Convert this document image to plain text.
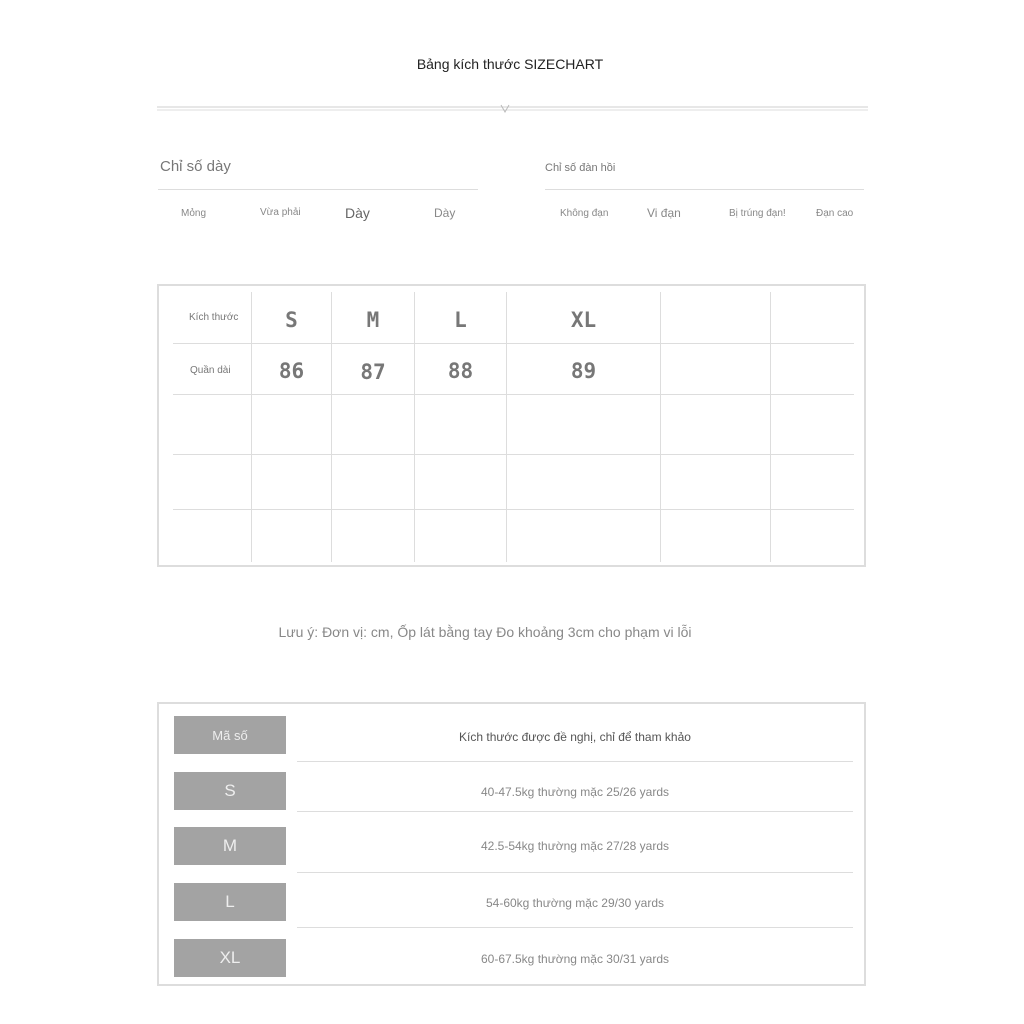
Bảng kích thước SIZECHART
Chỉ số dày
Mỏng	Vừa phải	Dày	Dày
Chỉ số đàn hồi
Không đạn	Vi đạn	Bị trúng đạn!	Đạn cao
Kích thước	S	M	L	XL
Quần dài	86	87	88	89
Lưu ý: Đơn vị: cm, Ốp lát bằng tay Đo khoảng 3cm cho phạm vi lỗi
Mã số	Kích thước được đề nghị, chỉ để tham khảo
S	40-47.5kg thường mặc 25/26 yards
M	42.5-54kg thường mặc 27/28 yards
L	54-60kg thường mặc 29/30 yards
XL	60-67.5kg thường mặc 30/31 yards
